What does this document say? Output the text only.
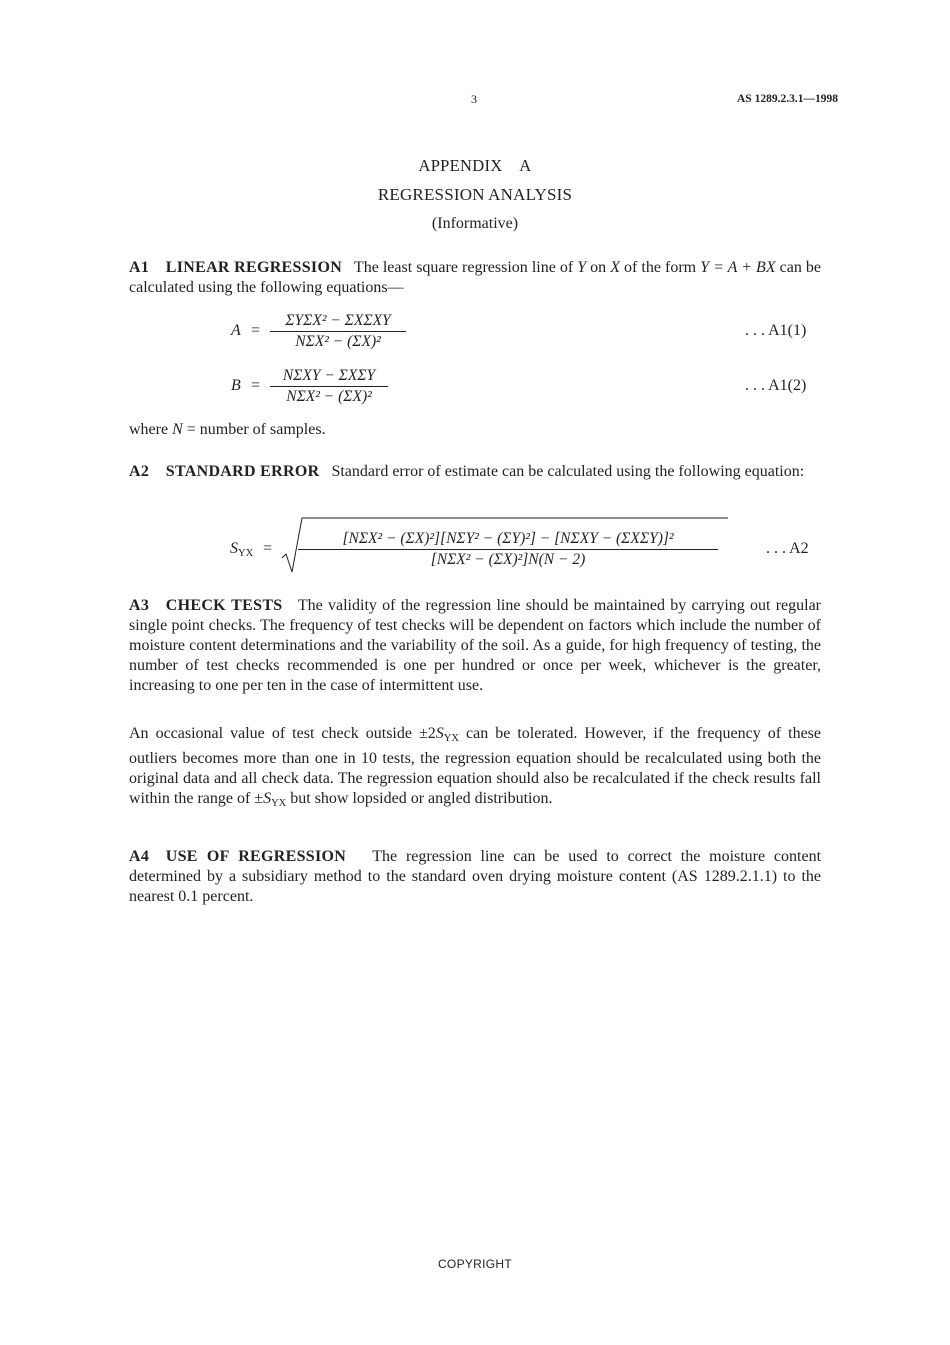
3	AS 1289.2.3.1—1998
APPENDIX A
REGRESSION ANALYSIS
(Informative)
A1  LINEAR REGRESSION The least square regression line of Y on X of the form Y = A + BX can be calculated using the following equations—
A =
ΣYΣX² − ΣXΣXY
NΣX² − (ΣX)²
. . . A1(1)
B =
NΣXY − ΣXΣY
NΣX² − (ΣX)²
. . . A1(2)
where N = number of samples.
A2  STANDARD ERROR Standard error of estimate can be calculated using the following equation:
$S_{YX}$ =
[NΣX² − (ΣX)²][NΣY² − (ΣY)²] − [NΣXY − (ΣXΣY)]²
[NΣX² − (ΣX)²]N(N − 2)
. . . A2
A3  CHECK TESTS The validity of the regression line should be maintained by carrying out regular single point checks. The frequency of test checks will be dependent on factors which include the number of moisture content determinations and the variability of the soil. As a guide, for high frequency of testing, the number of test checks recommended is one per hundred or once per week, whichever is the greater, increasing to one per ten in the case of intermittent use.
An occasional value of test check outside $\pm 2S_{YX}$ can be tolerated. However, if the frequency of these outliers becomes more than one in 10 tests, the regression equation should be recalculated using both the original data and all check data. The regression equation should also be recalculated if the check results fall within the range of $\pm S_{YX}$ but show lopsided or angled distribution.
A4  USE OF REGRESSION The regression line can be used to correct the moisture content determined by a subsidiary method to the standard oven drying moisture content (AS 1289.2.1.1) to the nearest 0.1 percent.
COPYRIGHT
